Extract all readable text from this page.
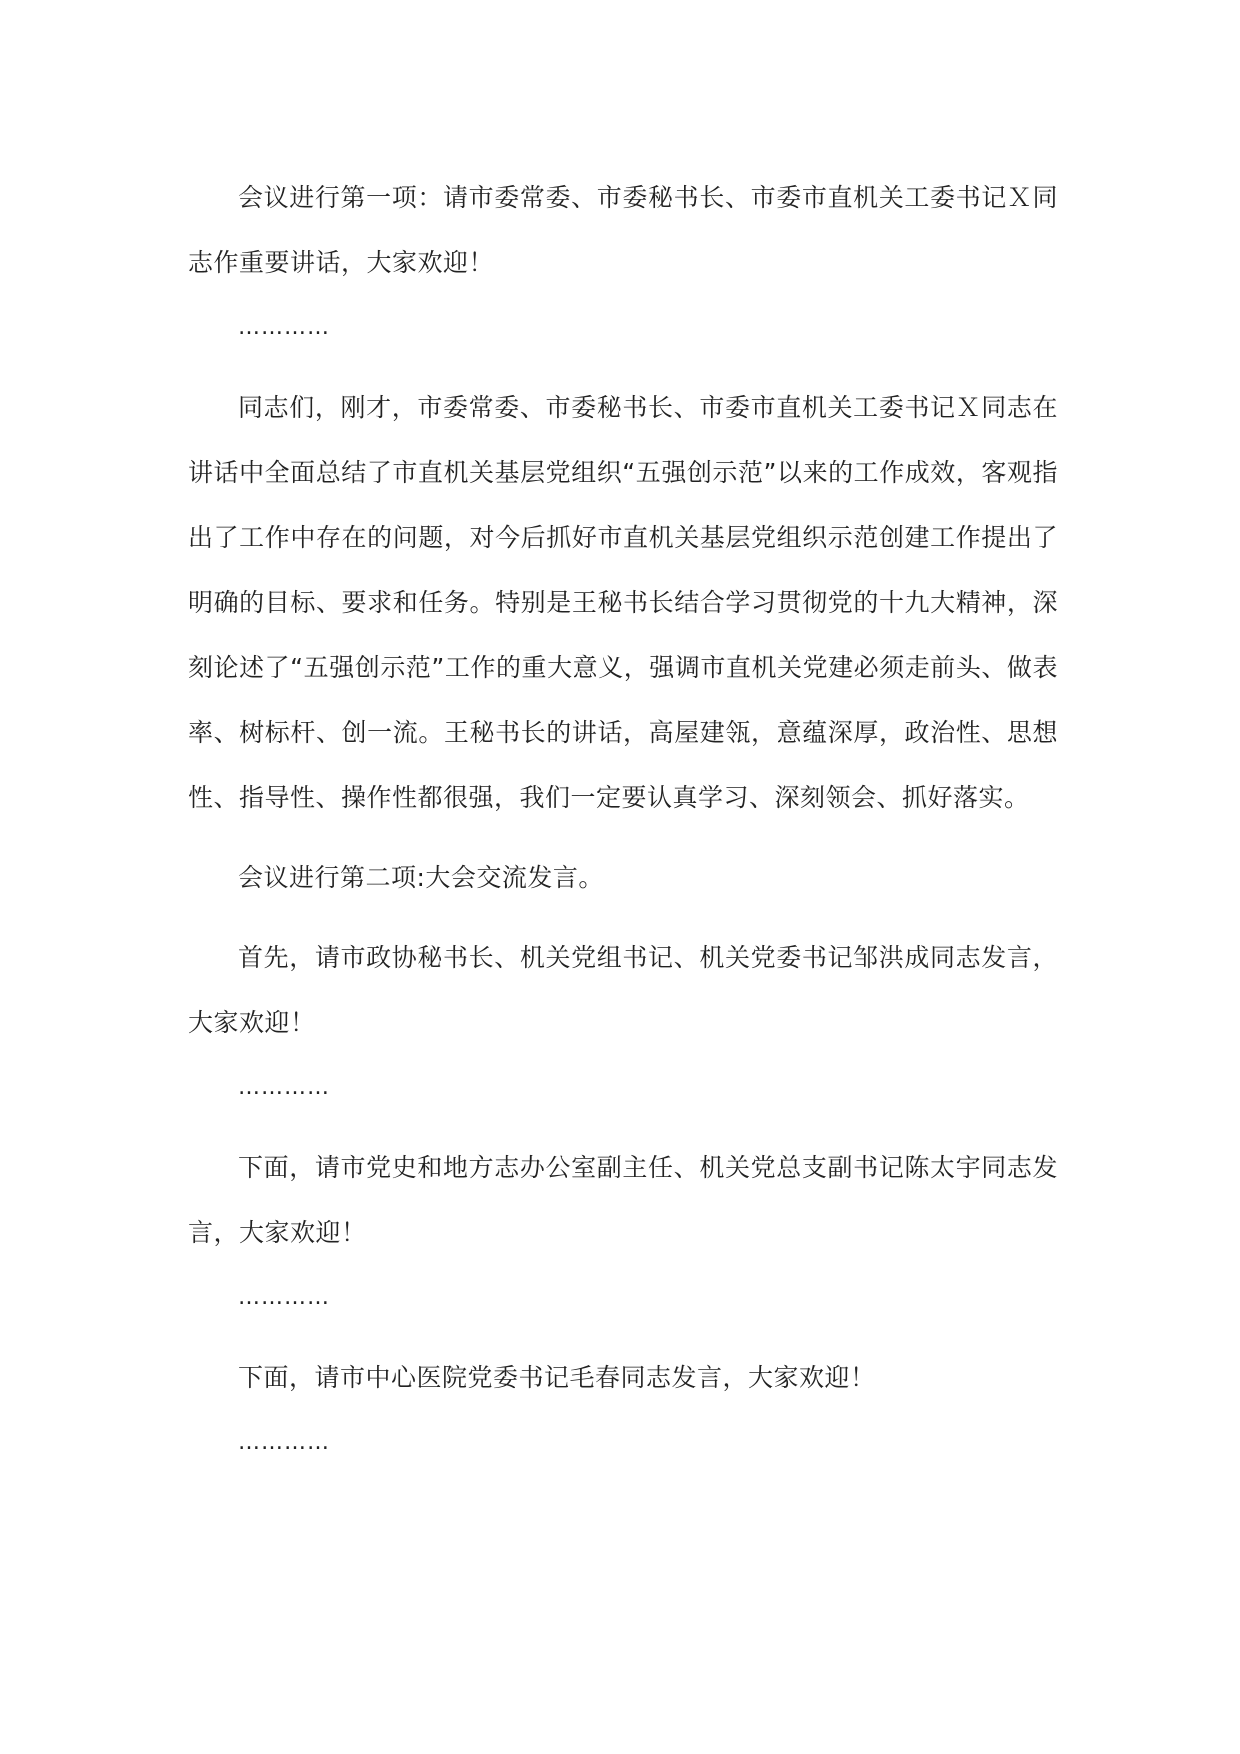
会议进行第一项：请市委常委、市委秘书长、市委市直机关工委书记Ｘ同志作重要讲话，大家欢迎！

…………

同志们，刚才，市委常委、市委秘书长、市委市直机关工委书记Ｘ同志在讲话中全面总结了市直机关基层党组织“五强创示范”以来的工作成效，客观指出了工作中存在的问题，对今后抓好市直机关基层党组织示范创建工作提出了明确的目标、要求和任务。特别是王秘书长结合学习贯彻党的十九大精神，深刻论述了“五强创示范”工作的重大意义，强调市直机关党建必须走前头、做表率、树标杆、创一流。王秘书长的讲话，高屋建瓴，意蕴深厚，政治性、思想性、指导性、操作性都很强，我们一定要认真学习、深刻领会、抓好落实。

会议进行第二项:大会交流发言。

首先，请市政协秘书长、机关党组书记、机关党委书记邹洪成同志发言，大家欢迎！

…………

下面，请市党史和地方志办公室副主任、机关党总支副书记陈太宇同志发言，大家欢迎！

…………

下面，请市中心医院党委书记毛春同志发言，大家欢迎！

…………
